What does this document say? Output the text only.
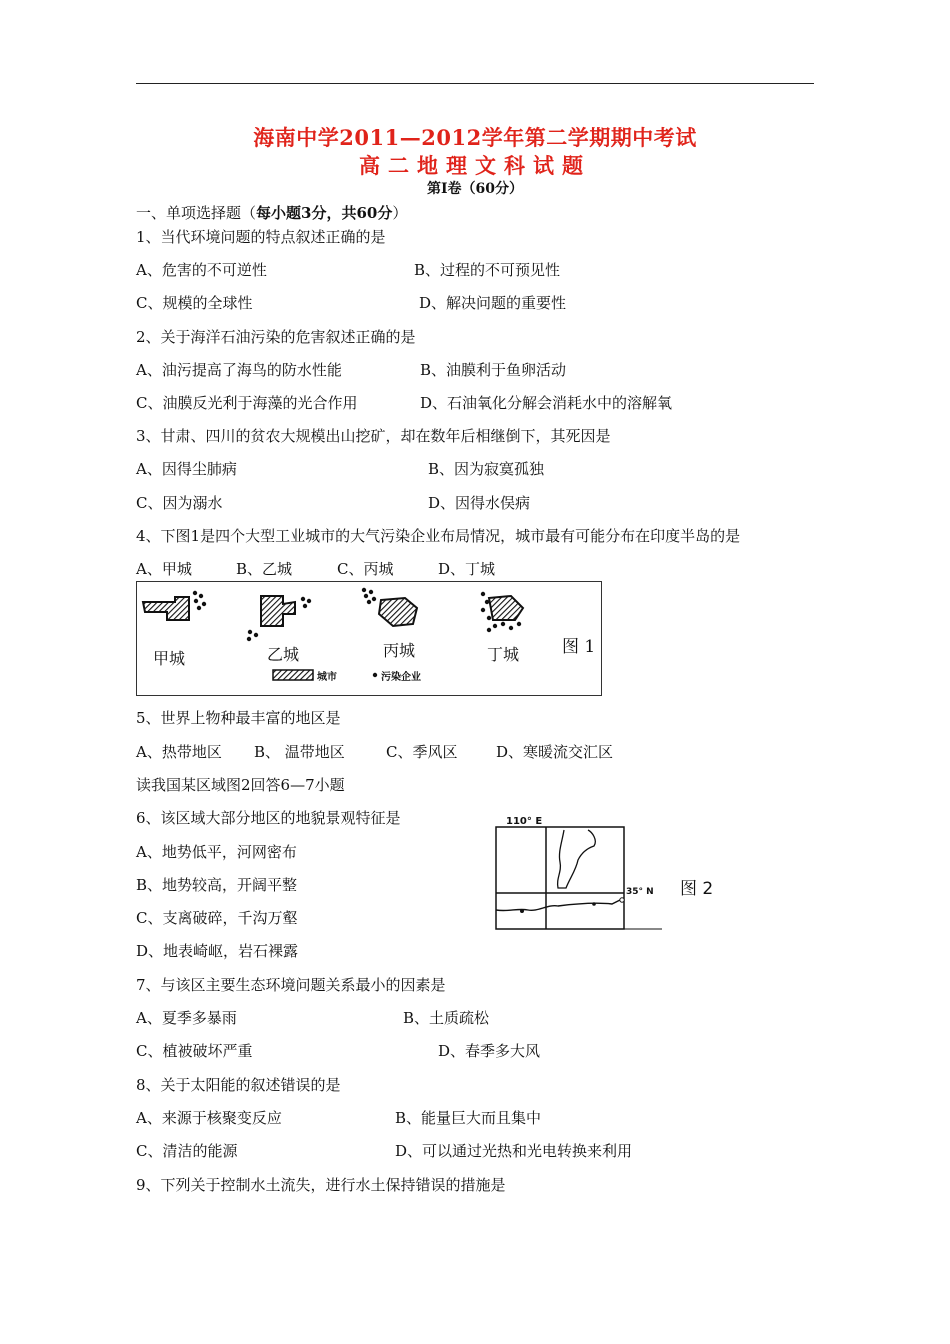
海南中学2011—2012学年第二学期期中考试
高二地理文科试题
第Ⅰ卷（60分）
一、单项选择题（每小题3分，共60分）
1、当代环境问题的特点叙述正确的是
A、危害的不可逆性	B、过程的不可预见性
C、规模的全球性	D、解决问题的重要性
2、关于海洋石油污染的危害叙述正确的是
A、油污提高了海鸟的防水性能	B、油膜利于鱼卵活动
C、油膜反光利于海藻的光合作用	D、石油氧化分解会消耗水中的溶解氧
3、甘肃、四川的贫农大规模出山挖矿，却在数年后相继倒下，其死因是
A、因得尘肺病	B、因为寂寞孤独
C、因为溺水	D、因得水俣病
4、下图1是四个大型工业城市的大气污染企业布局情况，城市最有可能分布在印度半岛的是
A、甲城	B、乙城	C、丙城	D、丁城
甲城	乙城	丙城	丁城
城市	污染企业
图 1
5、世界上物种最丰富的地区是
A、热带地区 B、 温带地区	C、季风区	D、寒暖流交汇区
读我国某区域图2回答6—7小题
6、该区域大部分地区的地貌景观特征是
A、地势低平，河网密布
B、地势较高，开阔平整
C、支离破碎，千沟万壑
D、地表崎岖，岩石裸露
110° E
35° N 图 2
7、与该区主要生态环境问题关系最小的因素是
A、夏季多暴雨	B、土质疏松
C、植被破坏严重	D、春季多大风
8、关于太阳能的叙述错误的是
A、来源于核聚变反应	B、能量巨大而且集中
C、清洁的能源	D、可以通过光热和光电转换来利用
9、下列关于控制水土流失，进行水土保持错误的措施是
